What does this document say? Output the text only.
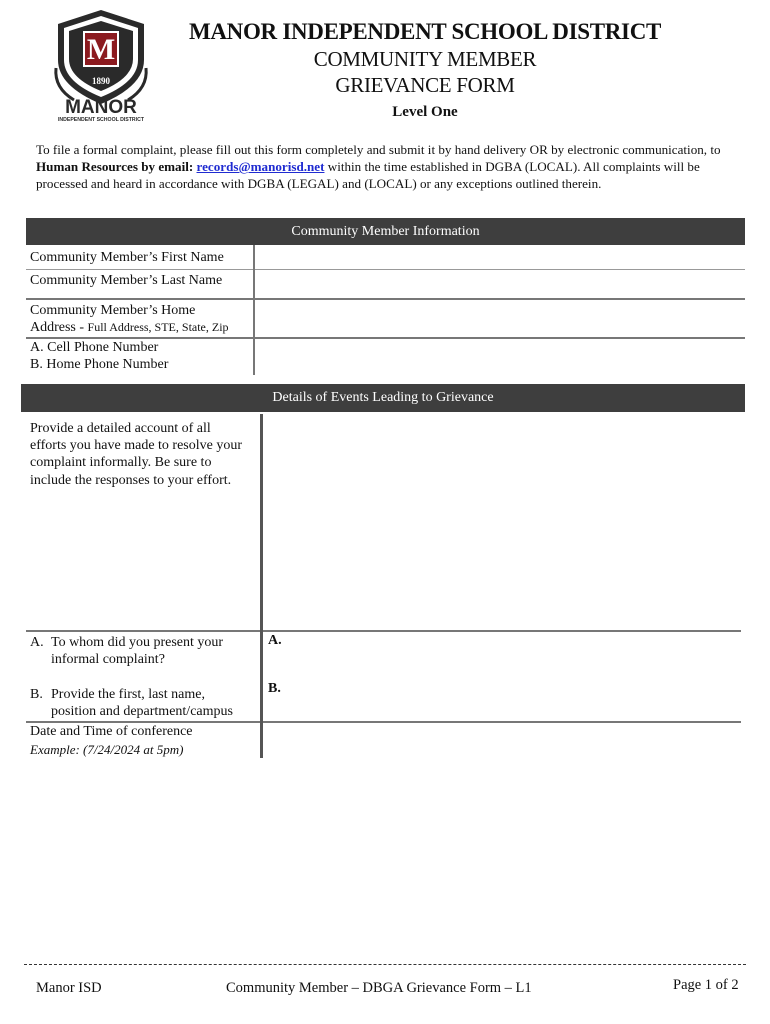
M
1890
MANOR
INDEPENDENT SCHOOL DISTRICT
MANOR INDEPENDENT SCHOOL DISTRICT
COMMUNITY MEMBER
GRIEVANCE FORM
Level One
To file a formal complaint, please fill out this form completely and submit it by hand delivery OR by electronic communication, to Human Resources by email: records@manorisd.net within the time established in DGBA (LOCAL). All complaints will be processed and heard in accordance with DGBA (LEGAL) and (LOCAL) or any exceptions outlined therein.
Community Member Information
Community Member’s First Name
Community Member’s Last Name
Community Member’s Home
Address - Full Address, STE, State, Zip
A. Cell Phone Number
B. Home Phone Number
Details of Events Leading to Grievance
Provide a detailed account of all
efforts you have made to resolve your
complaint informally. Be sure to
include the responses to your effort.
A. To whom did you present your
informal complaint?
A.
B. Provide the first, last name,
position and department/campus
B.
Date and Time of conference
Example: (7/24/2024 at 5pm)
Manor ISD	Community Member – DBGA Grievance Form – L1	Page 1 of 2
